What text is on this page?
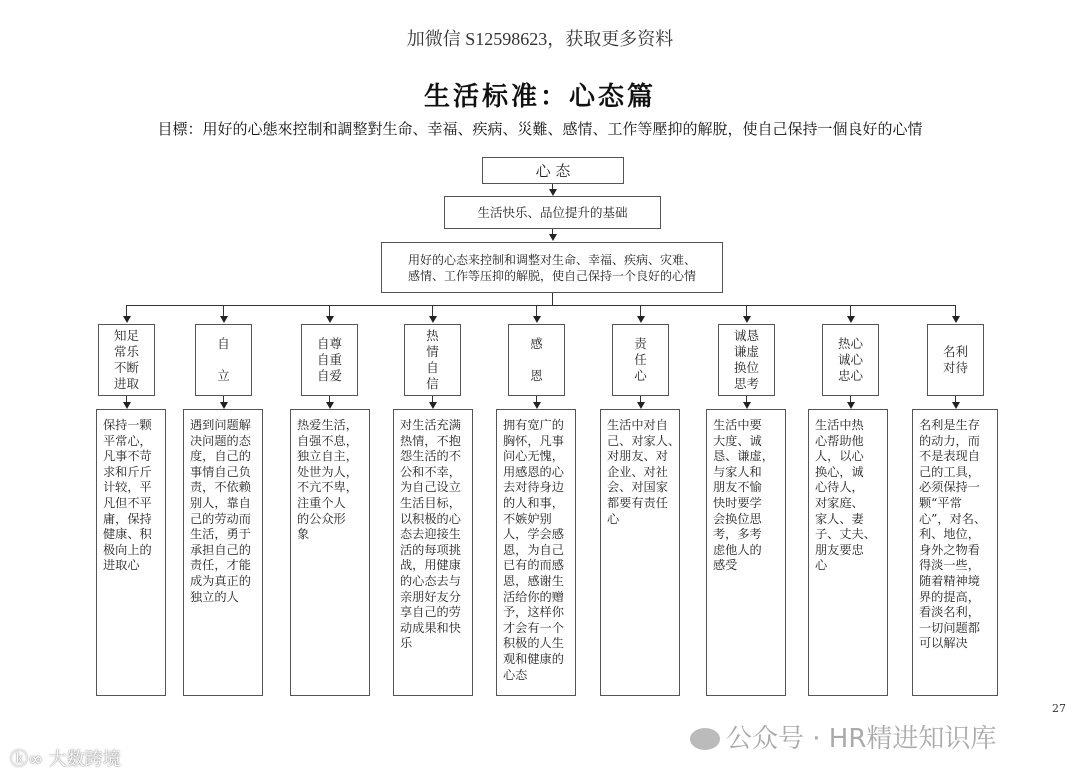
加微信 S12598623，获取更多资料
生活标准：心态篇
目標：用好的心態來控制和調整對生命、幸福、疾病、災難、感情、工作等壓抑的解脫，使自己保持一個良好的心情
心 态
生活快乐、品位提升的基础
用好的心态来控制和调整对生命、幸福、疾病、灾难、
感情、工作等压抑的解脱，使自己保持一个良好的心情
知足
常乐
不断
进取
保持一颗
平常心，
凡事不苛
求和斤斤
计较，平
凡但不平
庸，保持
健康、积
极向上的
进取心
自

立
遇到问题解
决问题的态
度，自己的
事情自己负
责，不依赖
别人，靠自
己的劳动而
生活，勇于
承担自己的
责任，才能
成为真正的
独立的人
自尊
自重
自爱
热爱生活，
自强不息，
独立自主，
处世为人，
不亢不卑，
注重个人
的公众形
象
热
情
自
信
对生活充满
热情，不抱
怨生活的不
公和不幸，
为自己设立
生活目标，
以积极的心
态去迎接生
活的每项挑
战，用健康
的心态去与
亲朋好友分
享自己的劳
动成果和快
乐
感

恩
拥有宽广的
胸怀，凡事
问心无愧，
用感恩的心
去对待身边
的人和事，
不嫉妒别
人，学会感
恩，为自己
已有的而感
恩，感谢生
活给你的赠
予，这样你
才会有一个
积极的人生
观和健康的
心态
责
任
心
生活中对自
己、对家人、
对朋友、对
企业、对社
会、对国家
都要有责任
心
诚恳
谦虚
换位
思考
生活中要
大度、诚
恳、谦虚，
与家人和
朋友不愉
快时要学
会换位思
考，多考
虑他人的
感受
热心
诚心
忠心
生活中热
心帮助他
人，以心
换心，诚
心待人，
对家庭、
家人、妻
子、丈夫、
朋友要忠
心
名利
对待
名利是生存
的动力，而
不是表现自
己的工具，
必须保持一
颗“平常
心”，对名、
利、地位，
身外之物看
得淡一些，
随着精神境
界的提高，
看淡名利，
一切问题都
可以解决
公众号 · HR精进知识库
27
ⓚ∞ 大数跨境
